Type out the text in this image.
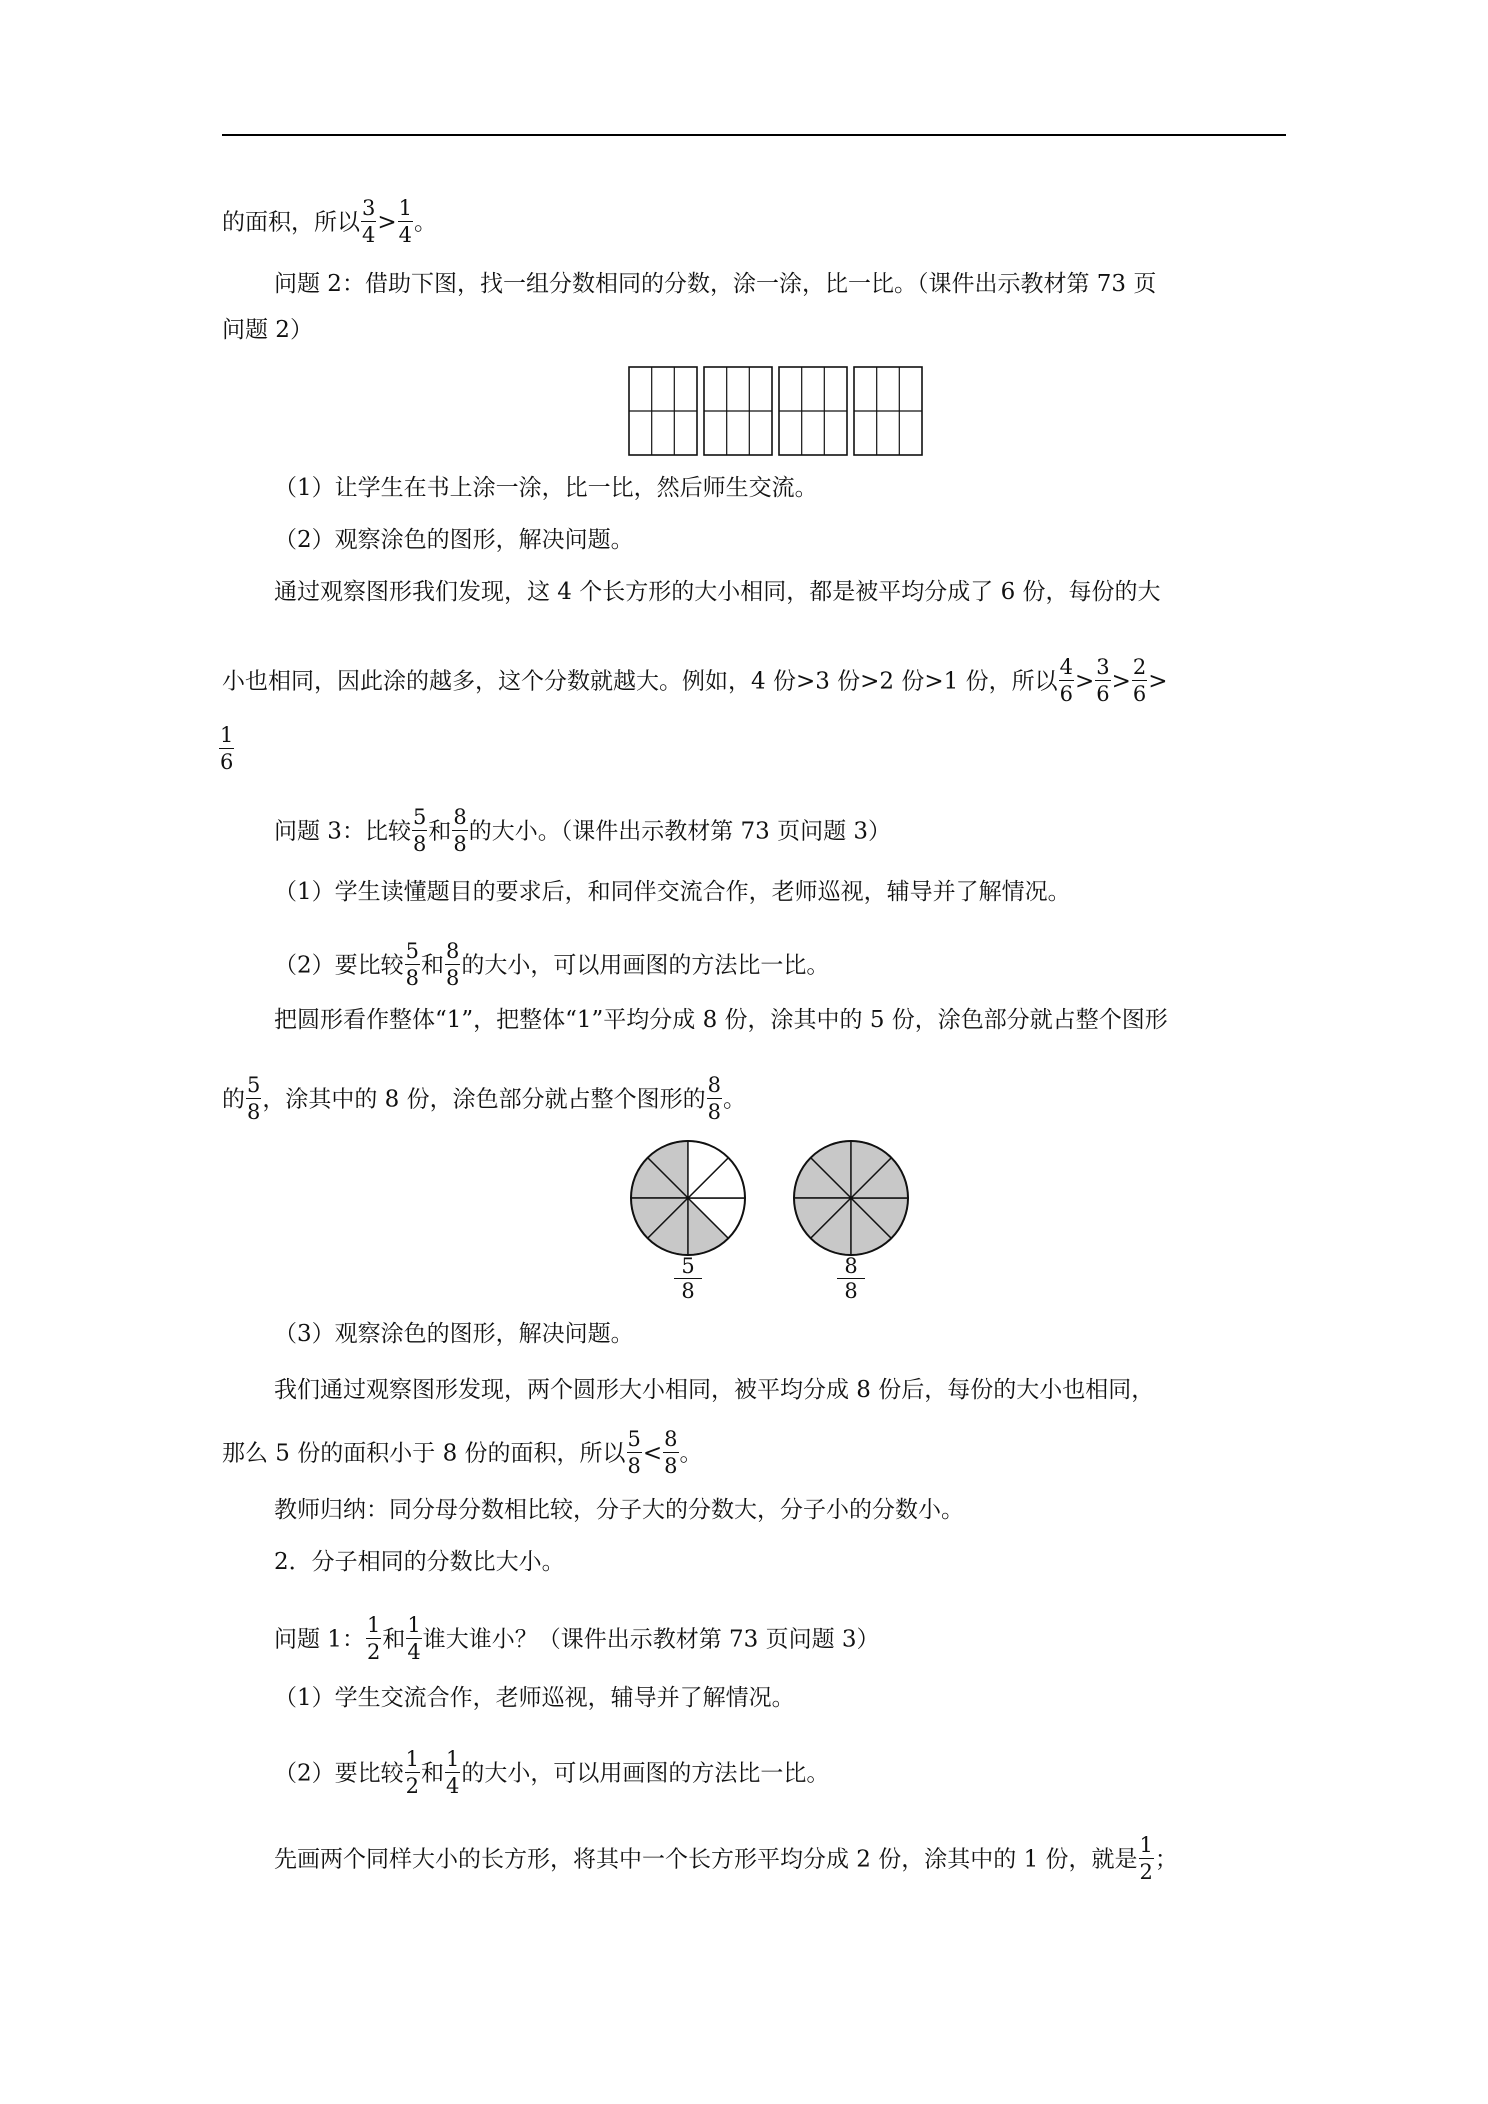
的面积，所以 $\frac{3}{4} > \frac{1}{4}$ 。
问题 2：借助下图，找一组分数相同的分数，涂一涂，比一比。（课件出示教材第 73 页
问题 2）
（1）让学生在书上涂一涂，比一比，然后师生交流。
（2）观察涂色的图形，解决问题。
通过观察图形我们发现，这 4 个长方形的大小相同，都是被平均分成了 6 份，每份的大
小也相同，因此涂的越多，这个分数就越大。例如，4 份>3 份>2 份>1 份，所以 $\frac{4}{6} > \frac{3}{6} > \frac{2}{6}$ >
$\frac{1}{6}$
问题 3：比较 $\frac{5}{8}$ 和 $\frac{8}{8}$ 的大小。（课件出示教材第 73 页问题 3）
（1）学生读懂题目的要求后，和同伴交流合作，老师巡视，辅导并了解情况。
（2）要比较 $\frac{5}{8}$ 和 $\frac{8}{8}$ 的大小，可以用画图的方法比一比。
把圆形看作整体“1”，把整体“1”平均分成 8 份，涂其中的 5 份，涂色部分就占整个图形
的 $\frac{5}{8}$ ，涂其中的 8 份，涂色部分就占整个图形的 $\frac{8}{8}$ 。
$\frac{5}{8}$	$\frac{8}{8}$
（3）观察涂色的图形，解决问题。
我们通过观察图形发现，两个圆形大小相同，被平均分成 8 份后，每份的大小也相同，
那么 5 份的面积小于 8 份的面积，所以 $\frac{5}{8} < \frac{8}{8}$ 。
教师归纳：同分母分数相比较，分子大的分数大，分子小的分数小。
2．分子相同的分数比大小。
问题 1： $\frac{1}{2}$ 和 $\frac{1}{4}$ 谁大谁小？（课件出示教材第 73 页问题 3）
（1）学生交流合作，老师巡视，辅导并了解情况。
（2）要比较 $\frac{1}{2}$ 和 $\frac{1}{4}$ 的大小，可以用画图的方法比一比。
先画两个同样大小的长方形，将其中一个长方形平均分成 2 份，涂其中的 1 份，就是 $\frac{1}{2}$ ；
